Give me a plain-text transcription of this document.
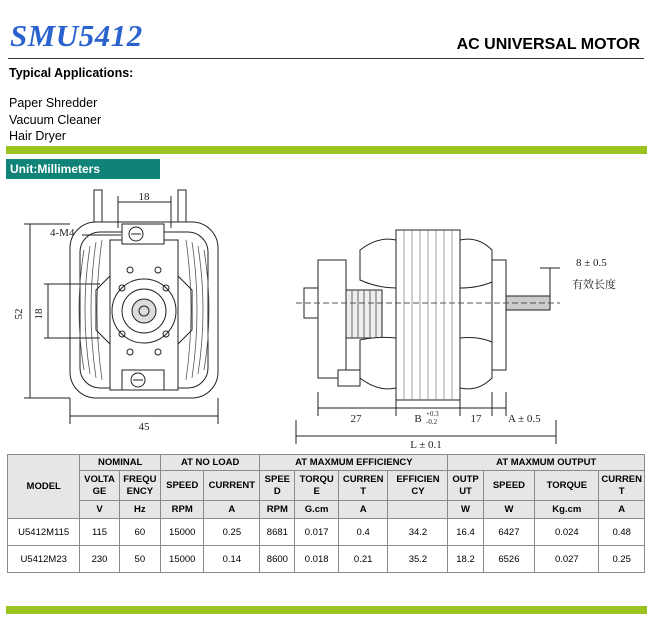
SMU5412	AC UNIVERSAL MOTOR
Typical Applications:
Paper Shredder
Vacuum Cleaner
Hair Dryer
Unit:Millimeters
18
4-M4
52 18
45
8 ± 0.5
有效长度
27	B +0.3
-0.2	17 A ± 0.5
L ± 0.1
MODEL	NOMINAL		AT NO LOAD		AT MAXMUM EFFICIENCY				AT MAXMUM OUTPUT			
	VOLTA GE	FREQU ENCY	SPEED	CURRENT	SPEE D	TORQU E	CURREN T	EFFICIEN CY	OUTP UT	SPEED	TORQUE	CURREN T
	V	Hz	RPM	A	RPM	G.cm	A		W	W	Kg.cm	A
U5412M115	115	60	15000	0.25	8681	0.017	0.4	34.2	16.4	6427	0.024	0.48
U5412M23	230	50	15000	0.14	8600	0.018	0.21	35.2	18.2	6526	0.027	0.25
